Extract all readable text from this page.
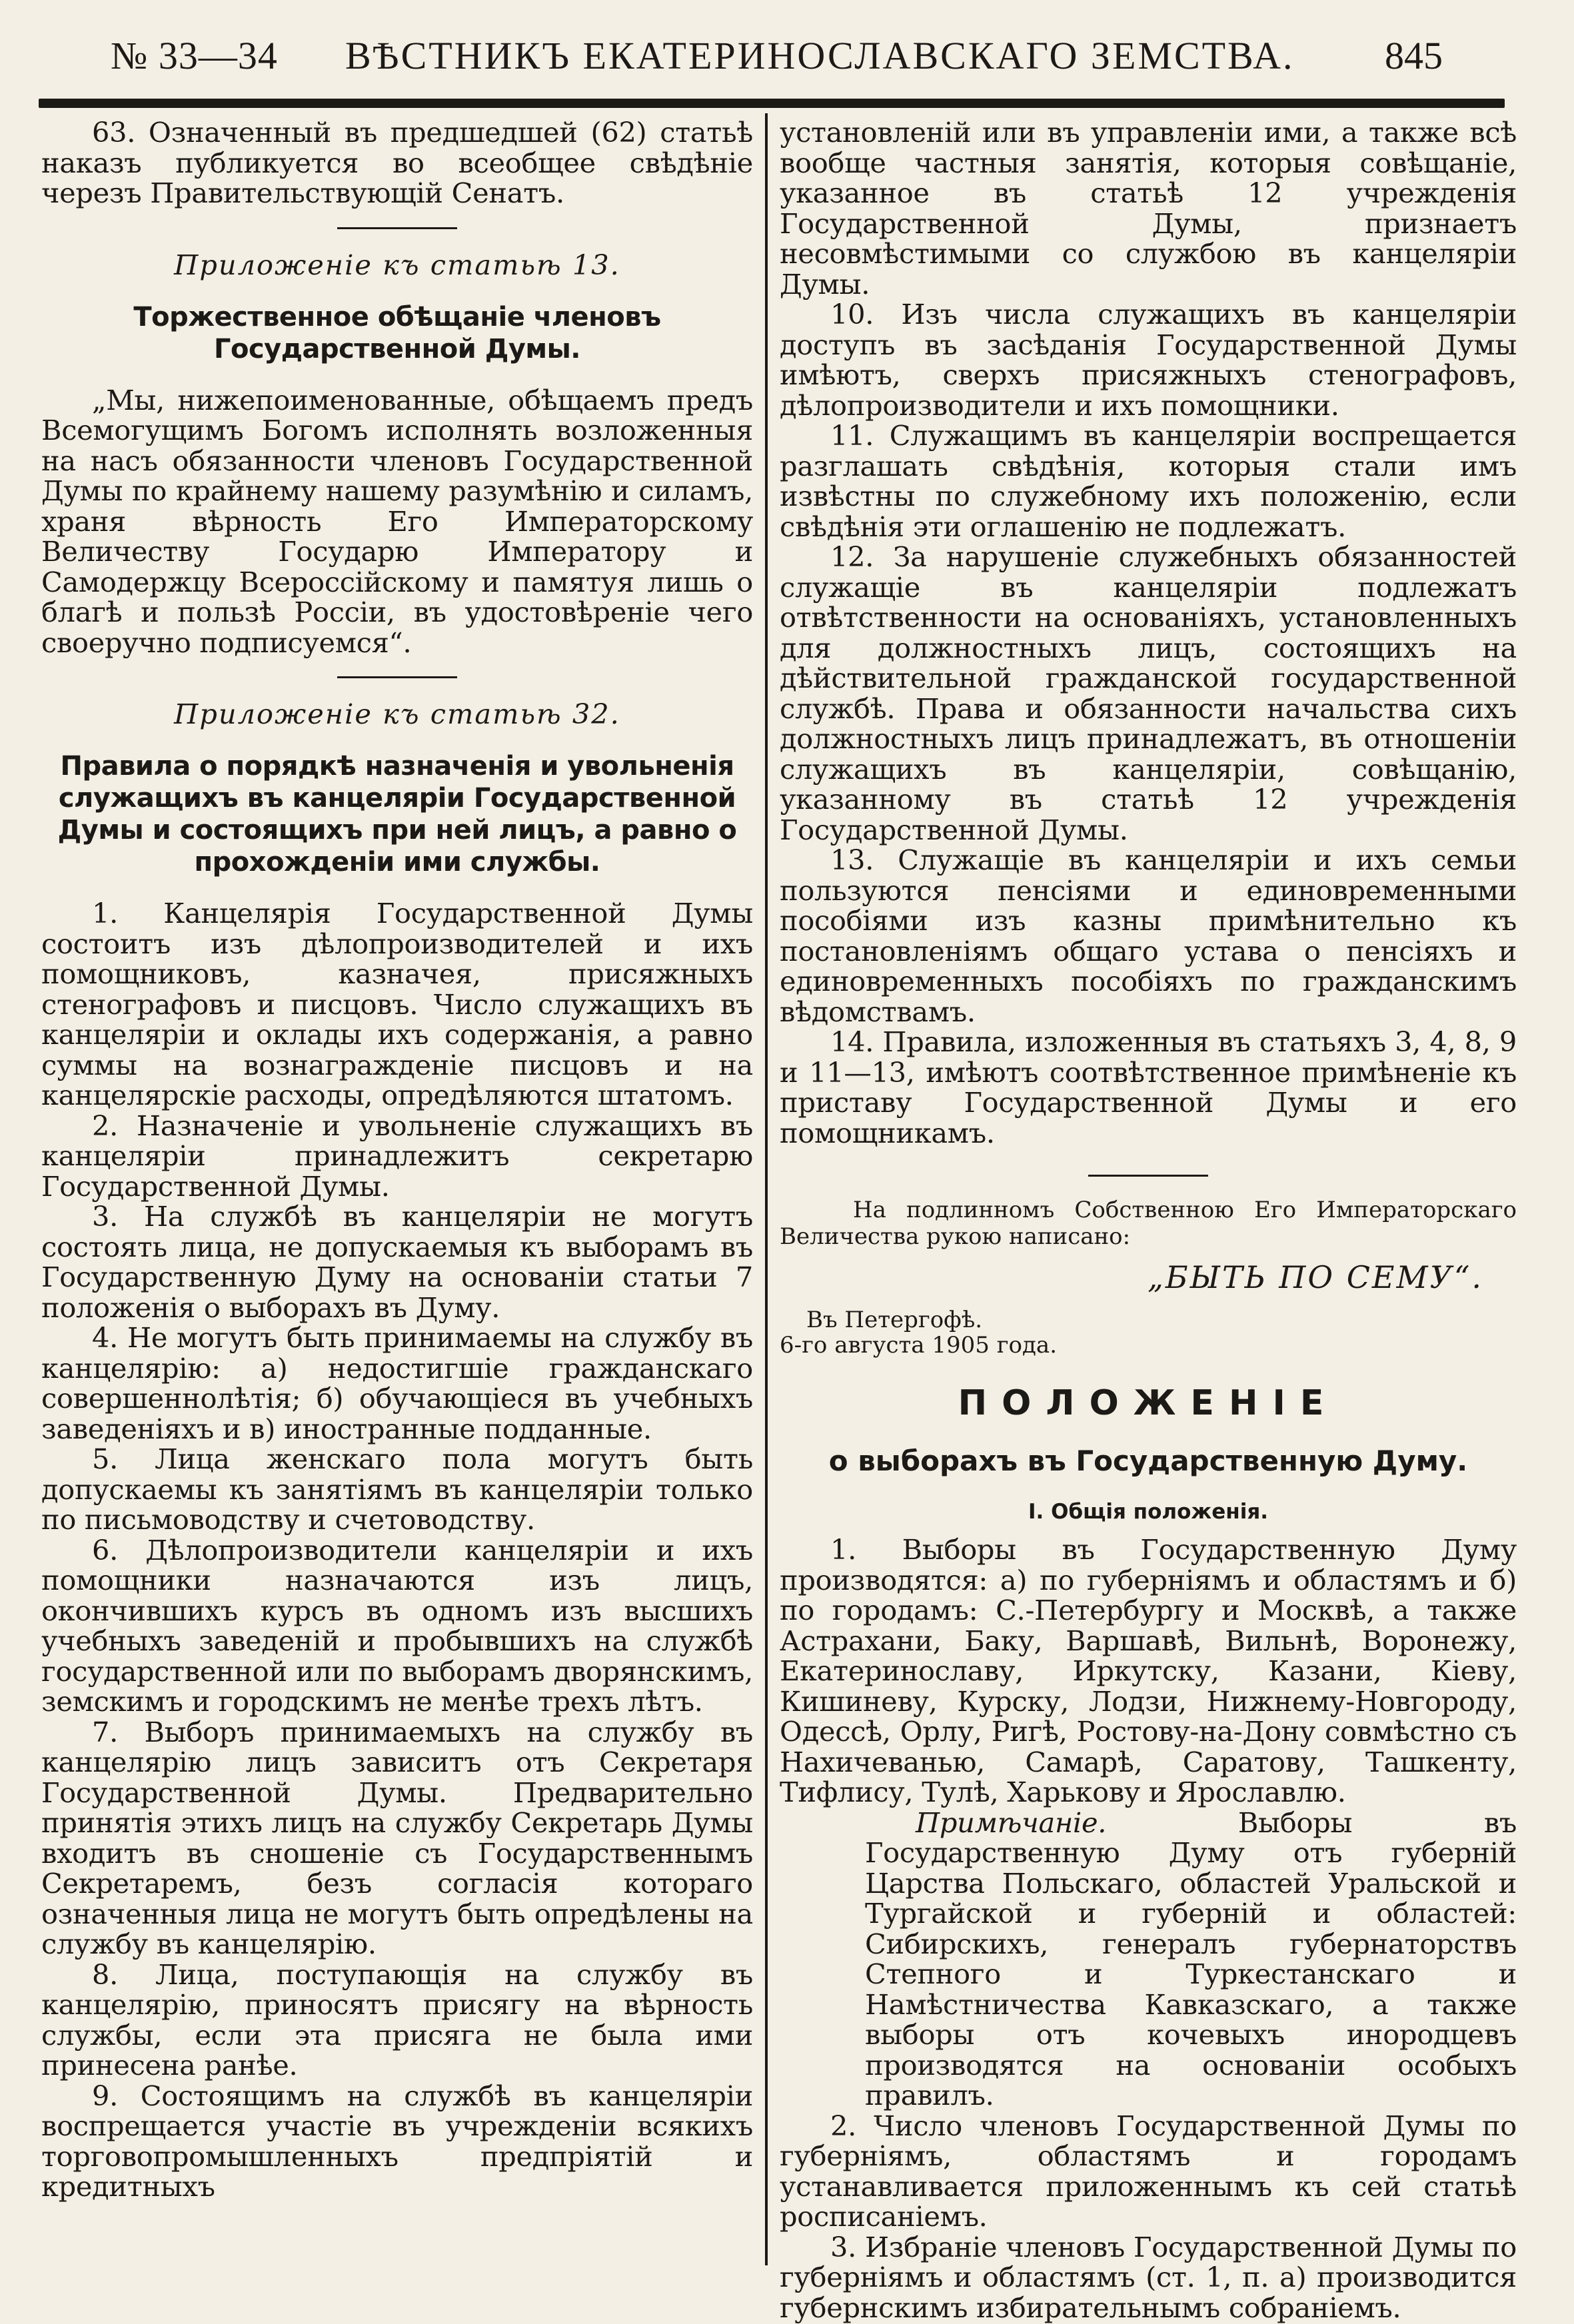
№ 33—34 ВѢСТНИКЪ ЕКАТЕРИНОСЛАВСКАГО ЗЕМСТВА. 845

63. Означенный въ предшедшей (62) статьѣ наказъ публикуется во всеобщее свѣдѣніе черезъ Правительствующій Сенатъ.

Приложеніе къ статьѣ 13.

Торжественное обѣщаніе членовъ Государственной Думы.

„Мы, нижепоименованные, обѣщаемъ предъ Всемогущимъ Богомъ исполнять возложенныя на насъ обязанности членовъ Государственной Думы по крайнему нашему разумѣнію и силамъ, храня вѣрность Его Императорскому Величеству Государю Императору и Самодержцу Всероссійскому и памятуя лишь о благѣ и пользѣ Россіи, въ удостовѣреніе чего своеручно подписуемся“.

Приложеніе къ статьѣ 32.

Правила о порядкѣ назначенія и увольненія служащихъ въ канцеляріи Государственной Думы и состоящихъ при ней лицъ, а равно о прохожденіи ими службы.

1. Канцелярія Государственной Думы состоитъ изъ дѣлопроизводителей и ихъ помощниковъ, казначея, присяжныхъ стенографовъ и писцовъ. Число служащихъ въ канцеляріи и оклады ихъ содержанія, а равно суммы на вознагражденіе писцовъ и на канцелярскіе расходы, опредѣляются штатомъ.

2. Назначеніе и увольненіе служащихъ въ канцеляріи принадлежитъ секретарю Государственной Думы.

3. На службѣ въ канцеляріи не могутъ состоять лица, не допускаемыя къ выборамъ въ Государственную Думу на основаніи статьи 7 положенія о выборахъ въ Думу.

4. Не могутъ быть принимаемы на службу въ канцелярію: а) недостигшіе гражданскаго совершеннолѣтія; б) обучающіеся въ учебныхъ заведеніяхъ и в) иностранные подданные.

5. Лица женскаго пола могутъ быть допускаемы къ занятіямъ въ канцеляріи только по письмоводству и счетоводству.

6. Дѣлопроизводители канцеляріи и ихъ помощники назначаются изъ лицъ, окончившихъ курсъ въ одномъ изъ высшихъ учебныхъ заведеній и пробывшихъ на службѣ государственной или по выборамъ дворянскимъ, земскимъ и городскимъ не менѣе трехъ лѣтъ.

7. Выборъ принимаемыхъ на службу въ канцелярію лицъ зависитъ отъ Секретаря Государственной Думы. Предварительно принятія этихъ лицъ на службу Секретарь Думы входитъ въ сношеніе съ Государственнымъ Секретаремъ, безъ согласія котораго означенныя лица не могутъ быть опредѣлены на службу въ канцелярію.

8. Лица, поступающія на службу въ канцелярію, приносятъ присягу на вѣрность службы, если эта присяга не была ими принесена ранѣе.

9. Состоящимъ на службѣ въ канцеляріи воспрещается участіе въ учрежденіи всякихъ торговопромышленныхъ предпріятій и кредитныхъ

установленій или въ управленіи ими, а также всѣ вообще частныя занятія, которыя совѣщаніе, указанное въ статьѣ 12 учрежденія Государственной Думы, признаетъ несовмѣстимыми со службою въ канцеляріи Думы.

10. Изъ числа служащихъ въ канцеляріи доступъ въ засѣданія Государственной Думы имѣютъ, сверхъ присяжныхъ стенографовъ, дѣлопроизводители и ихъ помощники.

11. Служащимъ въ канцеляріи воспрещается разглашать свѣдѣнія, которыя стали имъ извѣстны по служебному ихъ положенію, если свѣдѣнія эти оглашенію не подлежатъ.

12. За нарушеніе служебныхъ обязанностей служащіе въ канцеляріи подлежатъ отвѣтственности на основаніяхъ, установленныхъ для должностныхъ лицъ, состоящихъ на дѣйствительной гражданской государственной службѣ. Права и обязанности начальства сихъ должностныхъ лицъ принадлежатъ, въ отношеніи служащихъ въ канцеляріи, совѣщанію, указанному въ статьѣ 12 учрежденія Государственной Думы.

13. Служащіе въ канцеляріи и ихъ семьи пользуются пенсіями и единовременными пособіями изъ казны примѣнительно къ постановленіямъ общаго устава о пенсіяхъ и единовременныхъ пособіяхъ по гражданскимъ вѣдомствамъ.

14. Правила, изложенныя въ статьяхъ 3, 4, 8, 9 и 11—13, имѣютъ соотвѣтственное примѣненіе къ приставу Государственной Думы и его помощникамъ.

На подлинномъ Собственною Его Императорскаго Величества рукою написано:

„БЫТЬ ПО СЕМУ“.

Въ Петергофѣ.

6-го августа 1905 года.

ПОЛОЖЕНІЕ

о выборахъ въ Государственную Думу.

I. Общія положенія.

1. Выборы въ Государственную Думу производятся: а) по губерніямъ и областямъ и б) по городамъ: С.-Петербургу и Москвѣ, а также Астрахани, Баку, Варшавѣ, Вильнѣ, Воронежу, Екатеринославу, Иркутску, Казани, Кіеву, Кишиневу, Курску, Лодзи, Нижнему-Новгороду, Одессѣ, Орлу, Ригѣ, Ростову-на-Дону совмѣстно съ Нахичеванью, Самарѣ, Саратову, Ташкенту, Тифлису, Тулѣ, Харькову и Ярославлю.

Примѣчаніе. Выборы въ Государственную Думу отъ губерній Царства Польскаго, областей Уральской и Тургайской и губерній и областей: Сибирскихъ, генералъ губернаторствъ Степного и Туркестанскаго и Намѣстничества Кавказскаго, а также выборы отъ кочевыхъ инородцевъ производятся на основаніи особыхъ правилъ.

2. Число членовъ Государственной Думы по губерніямъ, областямъ и городамъ устанавливается приложеннымъ къ сей статьѣ росписаніемъ.

3. Избраніе членовъ Государственной Думы по губерніямъ и областямъ (ст. 1, п. а) производится губернскимъ избирательнымъ собраніемъ.
